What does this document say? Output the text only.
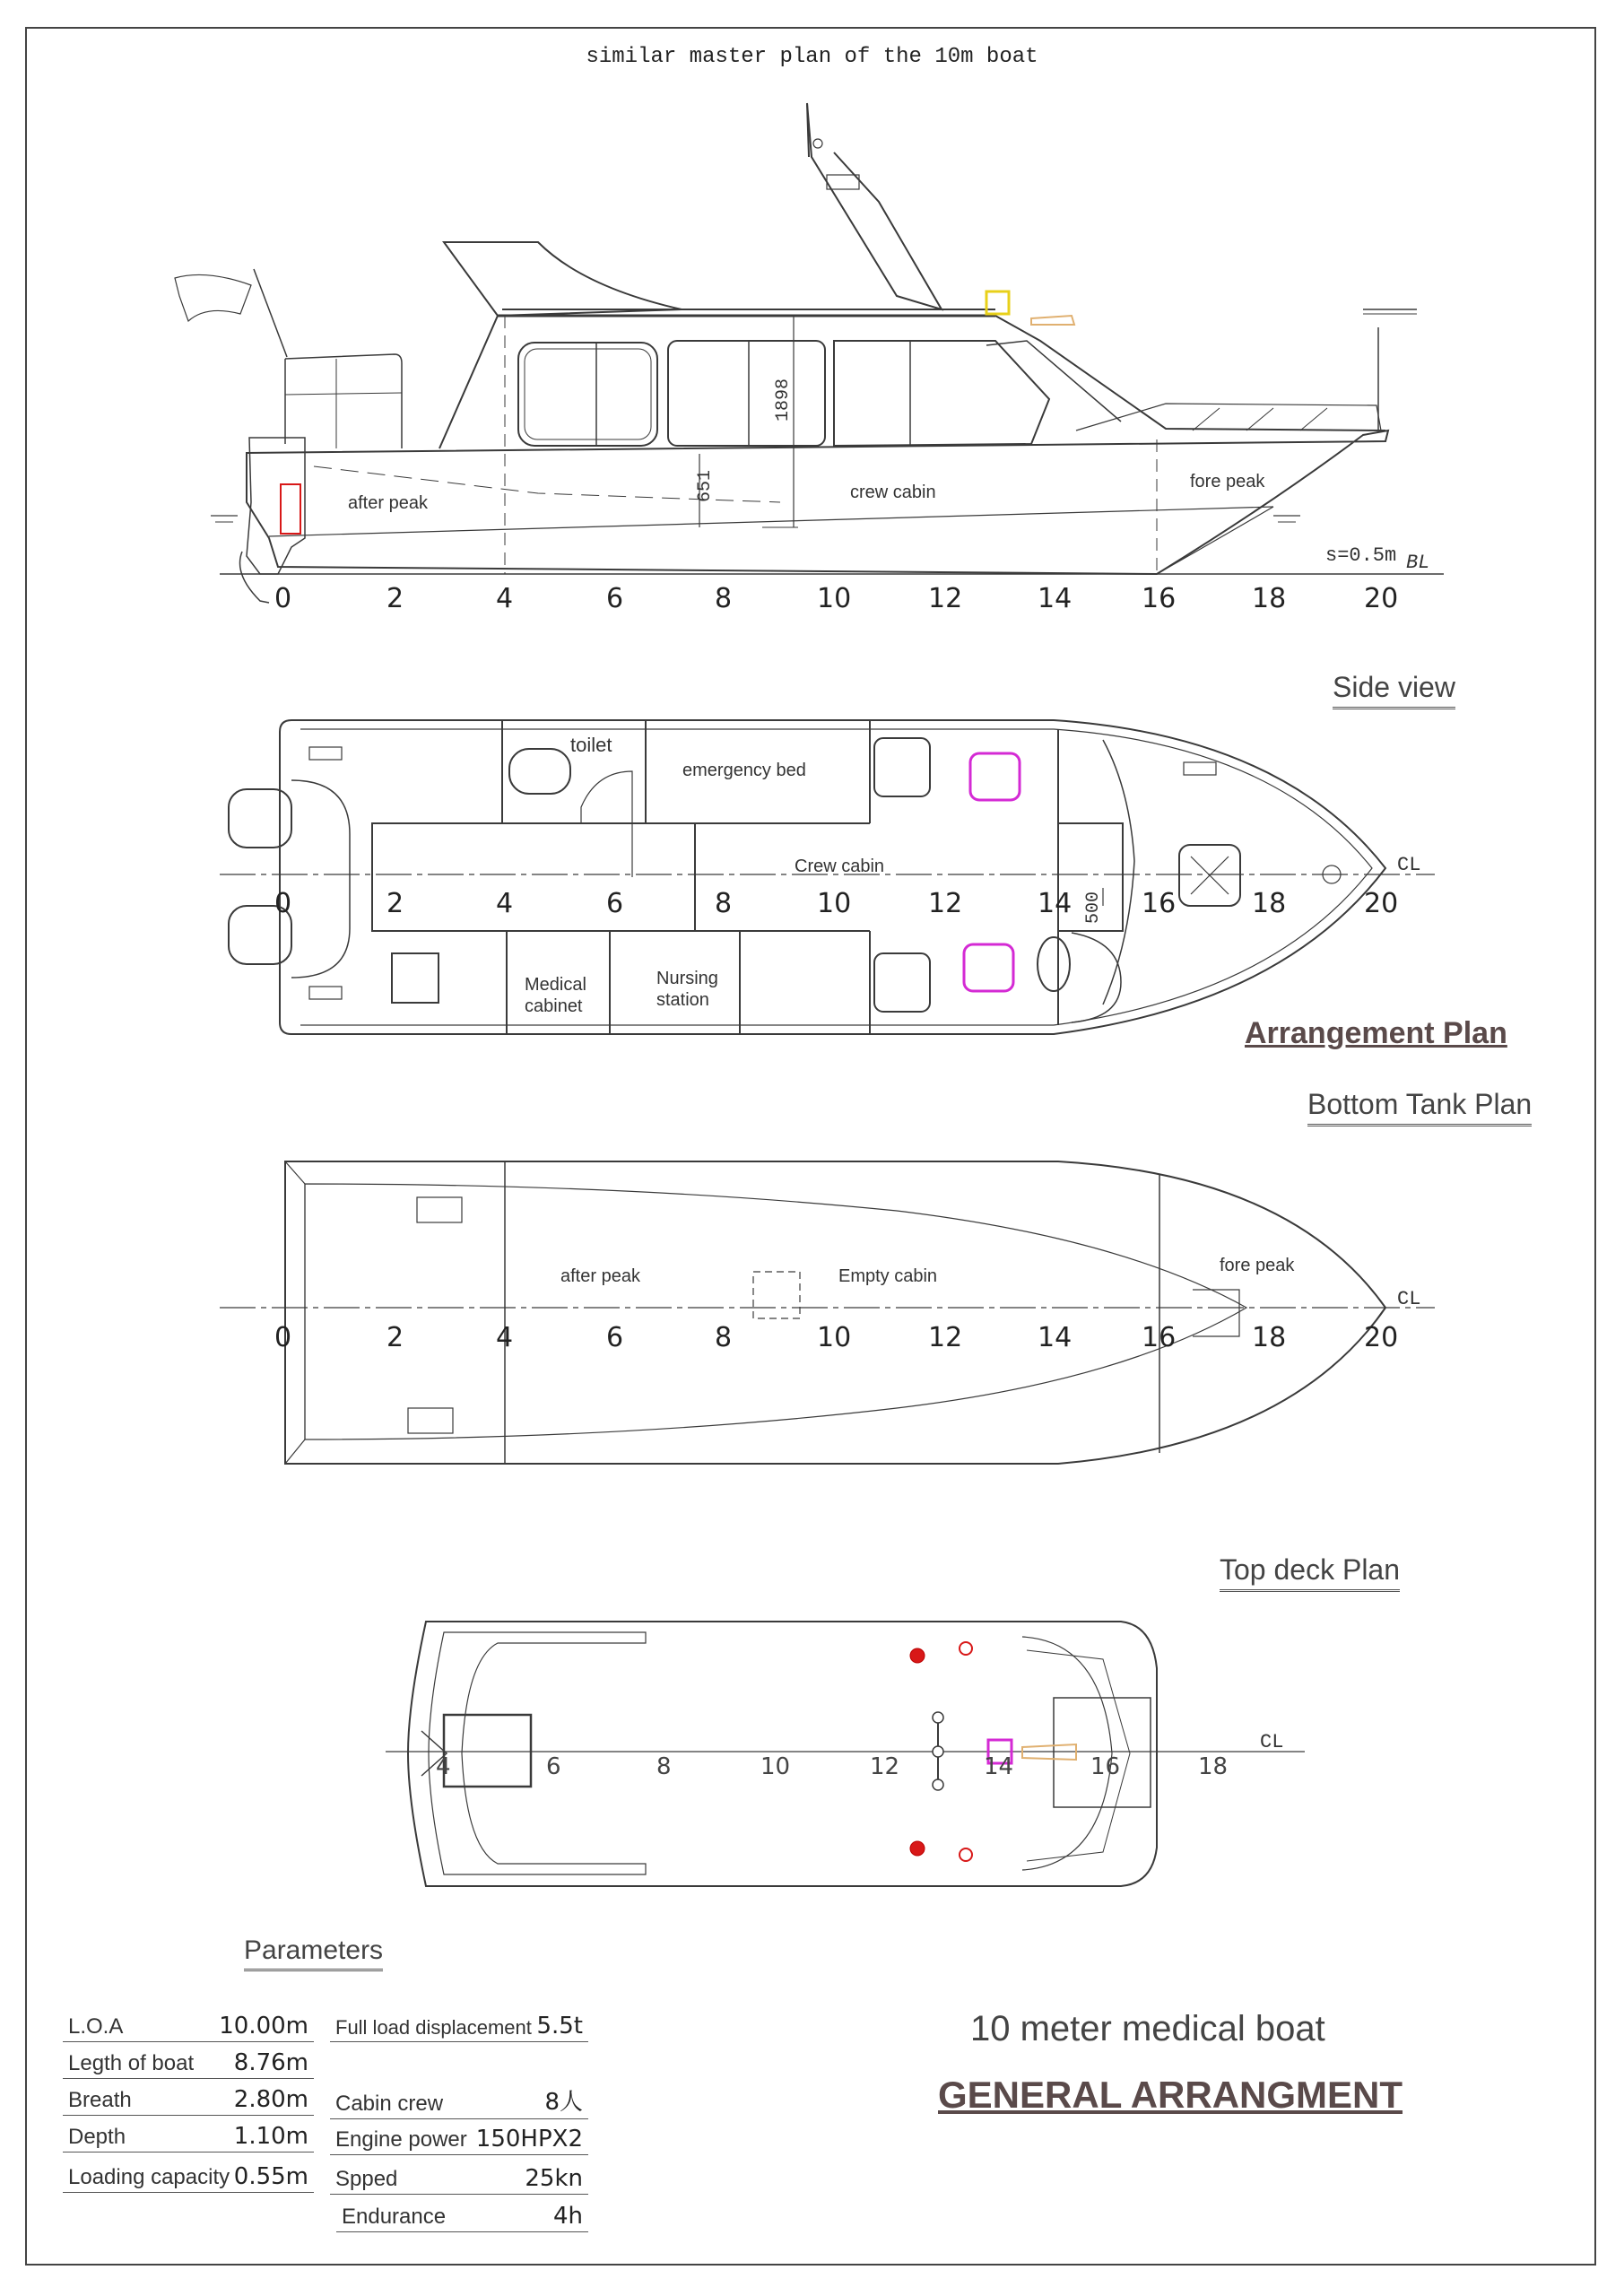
similar master plan of the 10m boat
after peak
crew cabin
fore peak
1898
651
s=0.5m BL
0	2	4	6	8	10	12	14	16	18	20
Side view
toilet
emergency bed
Crew cabin
Medical
cabinet
Nursing
station
500
CL
0	2	4	6	8	10	12	14	16	18	20
Arrangement Plan
Bottom Tank Plan
after peak	Empty cabin
fore peak
CL
0	2	4	6	8	10	12	14	16	18	20
Top deck Plan
CL
4	6	8	10	12	14	16	18
Parameters
L.O.A	10.00m
Legth of boat 8.76m
Breath	2.80m
Depth	1.10m
Loading capacity 0.55m
Full load displacement 5.5t
Cabin crew	8人
Engine power 150HPX2
Spped	25kn
Endurance	4h
10 meter medical boat
GENERAL ARRANGMENT
